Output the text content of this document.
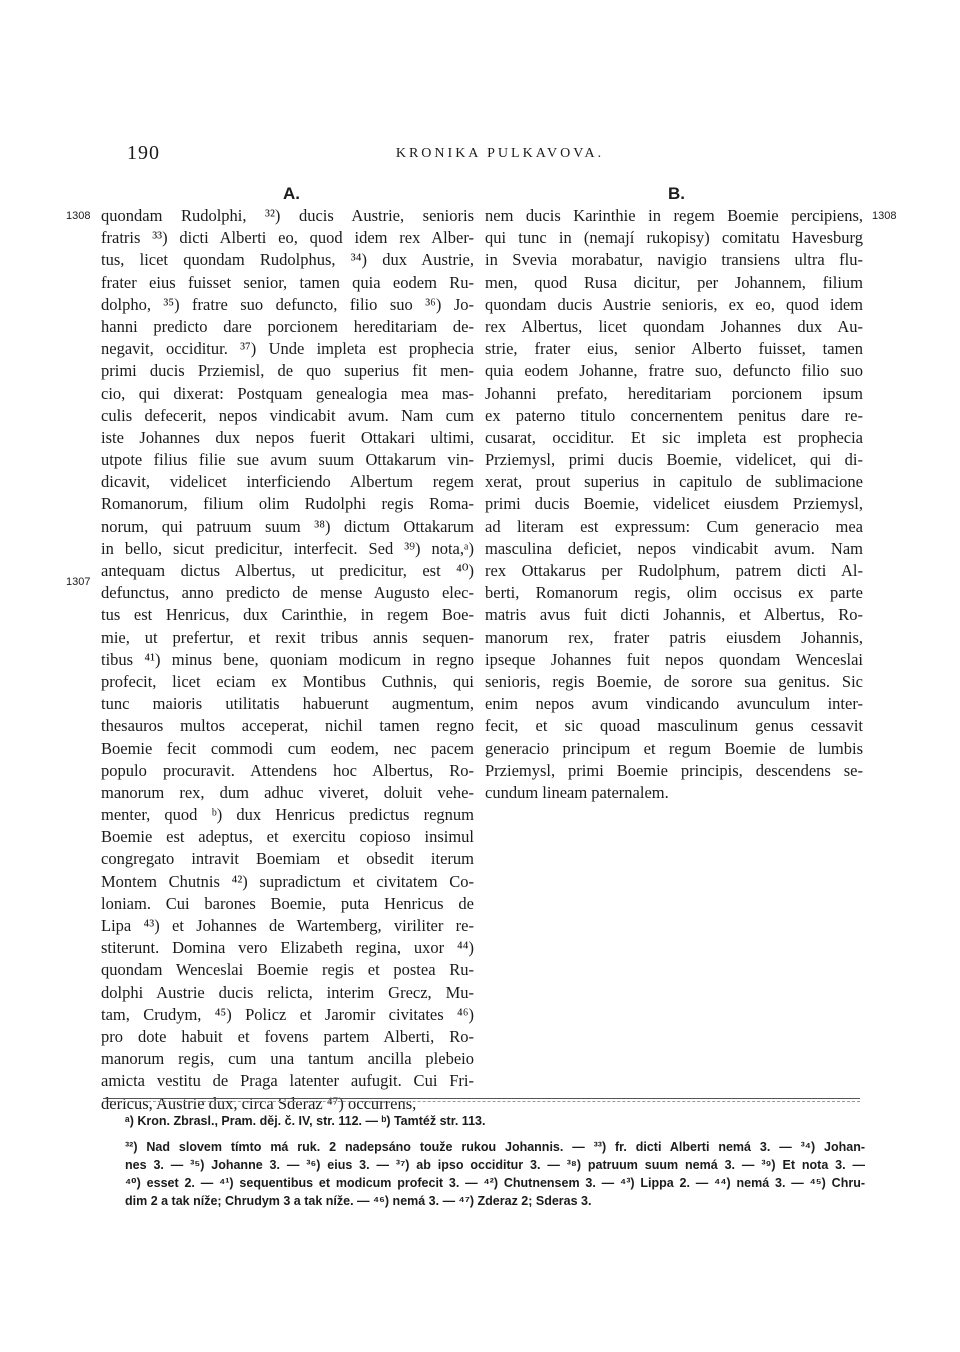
190	KRONIKA PULKAVOVA.
A.	B.
1308
1307
1308
quondam Rudolphi, ³²) ducis Austrie, senioris
fratris ³³) dicti Alberti eo, quod idem rex Alber-
tus, licet quondam Rudolphus, ³⁴) dux Austrie,
frater eius fuisset senior, tamen quia eodem Ru-
dolpho, ³⁵) fratre suo defuncto, filio suo ³⁶) Jo-
hanni predicto dare porcionem hereditariam de-
negavit, occiditur. ³⁷) Unde impleta est prophecia
primi ducis Prziemisl, de quo superius fit men-
cio, qui dixerat: Postquam genealogia mea mas-
culis defecerit, nepos vindicabit avum. Nam cum
iste Johannes dux nepos fuerit Ottakari ultimi,
utpote filius filie sue avum suum Ottakarum vin-
dicavit, videlicet interficiendo Albertum regem
Romanorum, filium olim Rudolphi regis Roma-
norum, qui patruum suum ³⁸) dictum Ottakarum
in bello, sicut predicitur, interfecit. Sed ³⁹) nota,ᵃ)
antequam dictus Albertus, ut predicitur, est ⁴⁰)
defunctus, anno predicto de mense Augusto elec-
tus est Henricus, dux Carinthie, in regem Boe-
mie, ut prefertur, et rexit tribus annis sequen-
tibus ⁴¹) minus bene, quoniam modicum in regno
profecit, licet eciam ex Montibus Cuthnis, qui
tunc maioris utilitatis habuerunt augmentum,
thesauros multos acceperat, nichil tamen regno
Boemie fecit commodi cum eodem, nec pacem
populo procuravit. Attendens hoc Albertus, Ro-
manorum rex, dum adhuc viveret, doluit vehe-
menter, quod ᵇ) dux Henricus predictus regnum
Boemie est adeptus, et exercitu copioso insimul
congregato intravit Boemiam et obsedit iterum
Montem Chutnis ⁴²) supradictum et civitatem Co-
loniam. Cui barones Boemie, puta Henricus de
Lipa ⁴³) et Johannes de Wartemberg, viriliter re-
stiterunt. Domina vero Elizabeth regina, uxor ⁴⁴)
quondam Wenceslai Boemie regis et postea Ru-
dolphi Austrie ducis relicta, interim Grecz, Mu-
tam, Crudym, ⁴⁵) Policz et Jaromir civitates ⁴⁶)
pro dote habuit et fovens partem Alberti, Ro-
manorum regis, cum una tantum ancilla plebeio
amicta vestitu de Praga latenter aufugit. Cui Fri-
dericus, Austrie dux, circa Sderaz ⁴⁷) occurrens,
nem ducis Karinthie in regem Boemie percipiens,
qui tunc in (nemají rukopisy) comitatu Havesburg
in Svevia morabatur, navigio transiens ultra flu-
men, quod Rusa dicitur, per Johannem, filium
quondam ducis Austrie senioris, ex eo, quod idem
rex Albertus, licet quondam Johannes dux Au-
strie, frater eius, senior Alberto fuisset, tamen
quia eodem Johanne, fratre suo, defuncto filio suo
Johanni prefato, hereditariam porcionem ipsum
ex paterno titulo concernentem penitus dare re-
cusarat, occiditur. Et sic impleta est prophecia
Prziemysl, primi ducis Boemie, videlicet, qui di-
xerat, prout superius in capitulo de sublimacione
primi ducis Boemie, videlicet eiusdem Prziemysl,
ad literam est expressum: Cum generacio mea
masculina deficiet, nepos vindicabit avum. Nam
rex Ottakarus per Rudolphum, patrem dicti Al-
berti, Romanorum regis, olim occisus ex parte
matris avus fuit dicti Johannis, et Albertus, Ro-
manorum rex, frater patris eiusdem Johannis,
ipseque Johannes fuit nepos quondam Wenceslai
senioris, regis Boemie, de sorore sua genitus. Sic
enim nepos avum vindicando avunculum inter-
fecit, et sic quoad masculinum genus cessavit
generacio principum et regum Boemie de lumbis
Prziemysl, primi Boemie principis, descendens se-
cundum lineam paternalem.
ᵃ) Kron. Zbrasl., Pram. děj. č. IV, str. 112. — ᵇ) Tamtéž str. 113.
³²) Nad slovem tímto má ruk. 2 nadepsáno touže rukou Johannis. — ³³) fr. dicti Alberti nemá 3. — ³⁴) Johan-
nes 3. — ³⁵) Johanne 3. — ³⁶) eius 3. — ³⁷) ab ipso occiditur 3. — ³⁸) patruum suum nemá 3. — ³⁹) Et nota 3. —
⁴⁰) esset 2. — ⁴¹) sequentibus et modicum profecit 3. — ⁴²) Chutnensem 3. — ⁴³) Lippa 2. — ⁴⁴) nemá 3. — ⁴⁵) Chru-
dim 2 a tak níže; Chrudym 3 a tak níže. — ⁴⁶) nemá 3. — ⁴⁷) Zderaz 2; Sderas 3.
